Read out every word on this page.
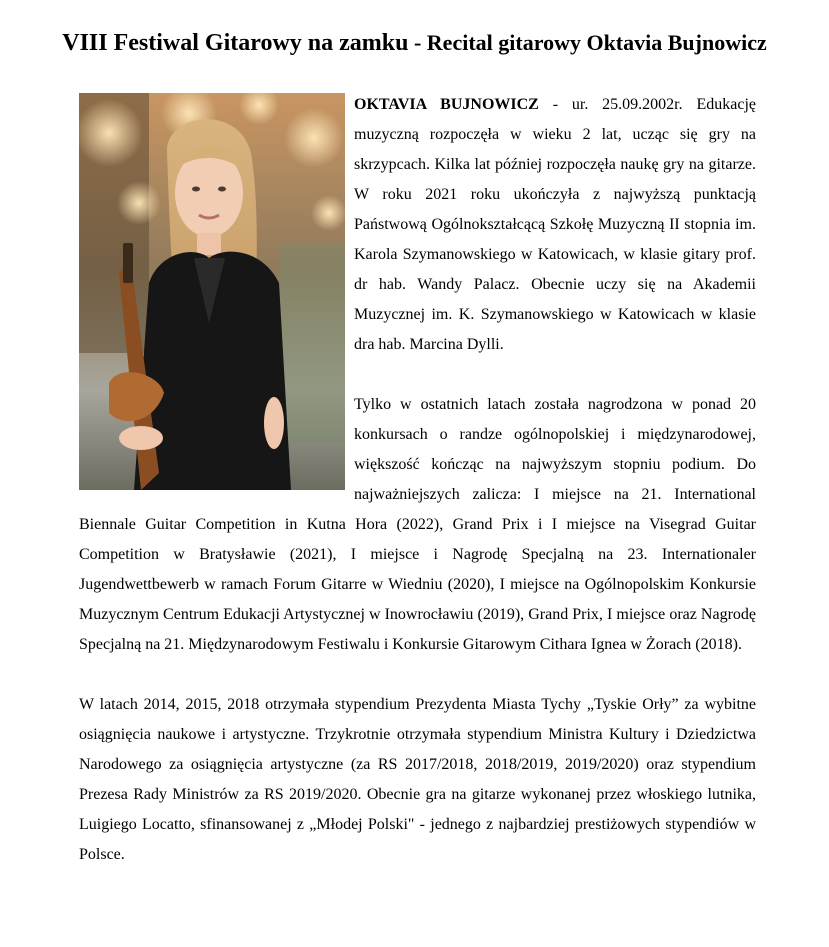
VIII Festiwal Gitarowy na zamku - Recital gitarowy Oktavia Bujnowicz

OKTAVIA BUJNOWICZ - ur. 25.09.2002r. Edukację muzyczną rozpoczęła w wieku 2 lat, ucząc się gry na skrzypcach. Kilka lat później rozpoczęła naukę gry na gitarze. W roku 2021 roku ukończyła z najwyższą punktacją Państwową Ogólnokształcącą Szkołę Muzyczną II stopnia im. Karola Szymanowskiego w Katowicach, w klasie gitary prof. dr hab. Wandy Palacz. Obecnie uczy się na Akademii Muzycznej im. K. Szymanowskiego w Katowicach w klasie dra hab. Marcina Dylli.

Tylko w ostatnich latach została nagrodzona w ponad 20 konkursach o randze ogólnopolskiej i międzynarodowej, większość kończąc na najwyższym stopniu podium. Do najważniejszych zalicza: I miejsce na 21. International Biennale Guitar Competition in Kutna Hora (2022), Grand Prix i I miejsce na Visegrad Guitar Competition w Bratysławie (2021), I miejsce i Nagrodę Specjalną na 23. Internationaler Jugendwettbewerb w ramach Forum Gitarre w Wiedniu (2020), I miejsce na Ogólnopolskim Konkursie Muzycznym Centrum Edukacji Artystycznej w Inowrocławiu (2019), Grand Prix, I miejsce oraz Nagrodę Specjalną na 21. Międzynarodowym Festiwalu i Konkursie Gitarowym Cithara Ignea w Żorach (2018).

W latach 2014, 2015, 2018 otrzymała stypendium Prezydenta Miasta Tychy „Tyskie Orły” za wybitne osiągnięcia naukowe i artystyczne. Trzykrotnie otrzymała stypendium Ministra Kultury i Dziedzictwa Narodowego za osiągnięcia artystyczne (za RS 2017/2018, 2018/2019, 2019/2020) oraz stypendium Prezesa Rady Ministrów za RS 2019/2020. Obecnie gra na gitarze wykonanej przez włoskiego lutnika, Luigiego Locatto, sfinansowanej z „Młodej Polski" - jednego z najbardziej prestiżowych stypendiów w Polsce.
